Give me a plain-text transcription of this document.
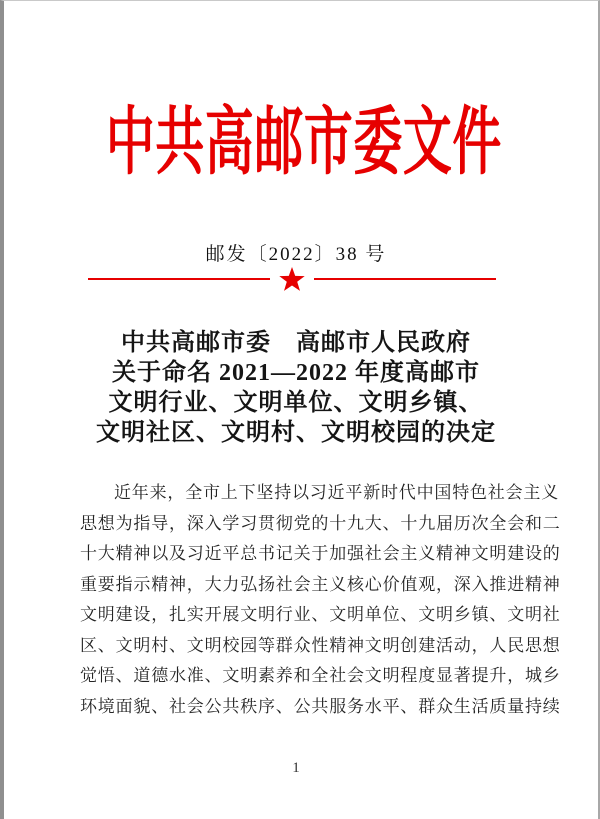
中共高邮市委文件
邮发〔2022〕38 号
中共高邮市委　高邮市人民政府
关于命名 2021—2022 年度高邮市
文明行业、文明单位、文明乡镇、
文明社区、文明村、文明校园的决定
近年来，全市上下坚持以习近平新时代中国特色社会主义
思想为指导，深入学习贯彻党的十九大、十九届历次全会和二
十大精神以及习近平总书记关于加强社会主义精神文明建设的
重要指示精神，大力弘扬社会主义核心价值观，深入推进精神
文明建设，扎实开展文明行业、文明单位、文明乡镇、文明社
区、文明村、文明校园等群众性精神文明创建活动，人民思想
觉悟、道德水准、文明素养和全社会文明程度显著提升，城乡
环境面貌、社会公共秩序、公共服务水平、群众生活质量持续
1
